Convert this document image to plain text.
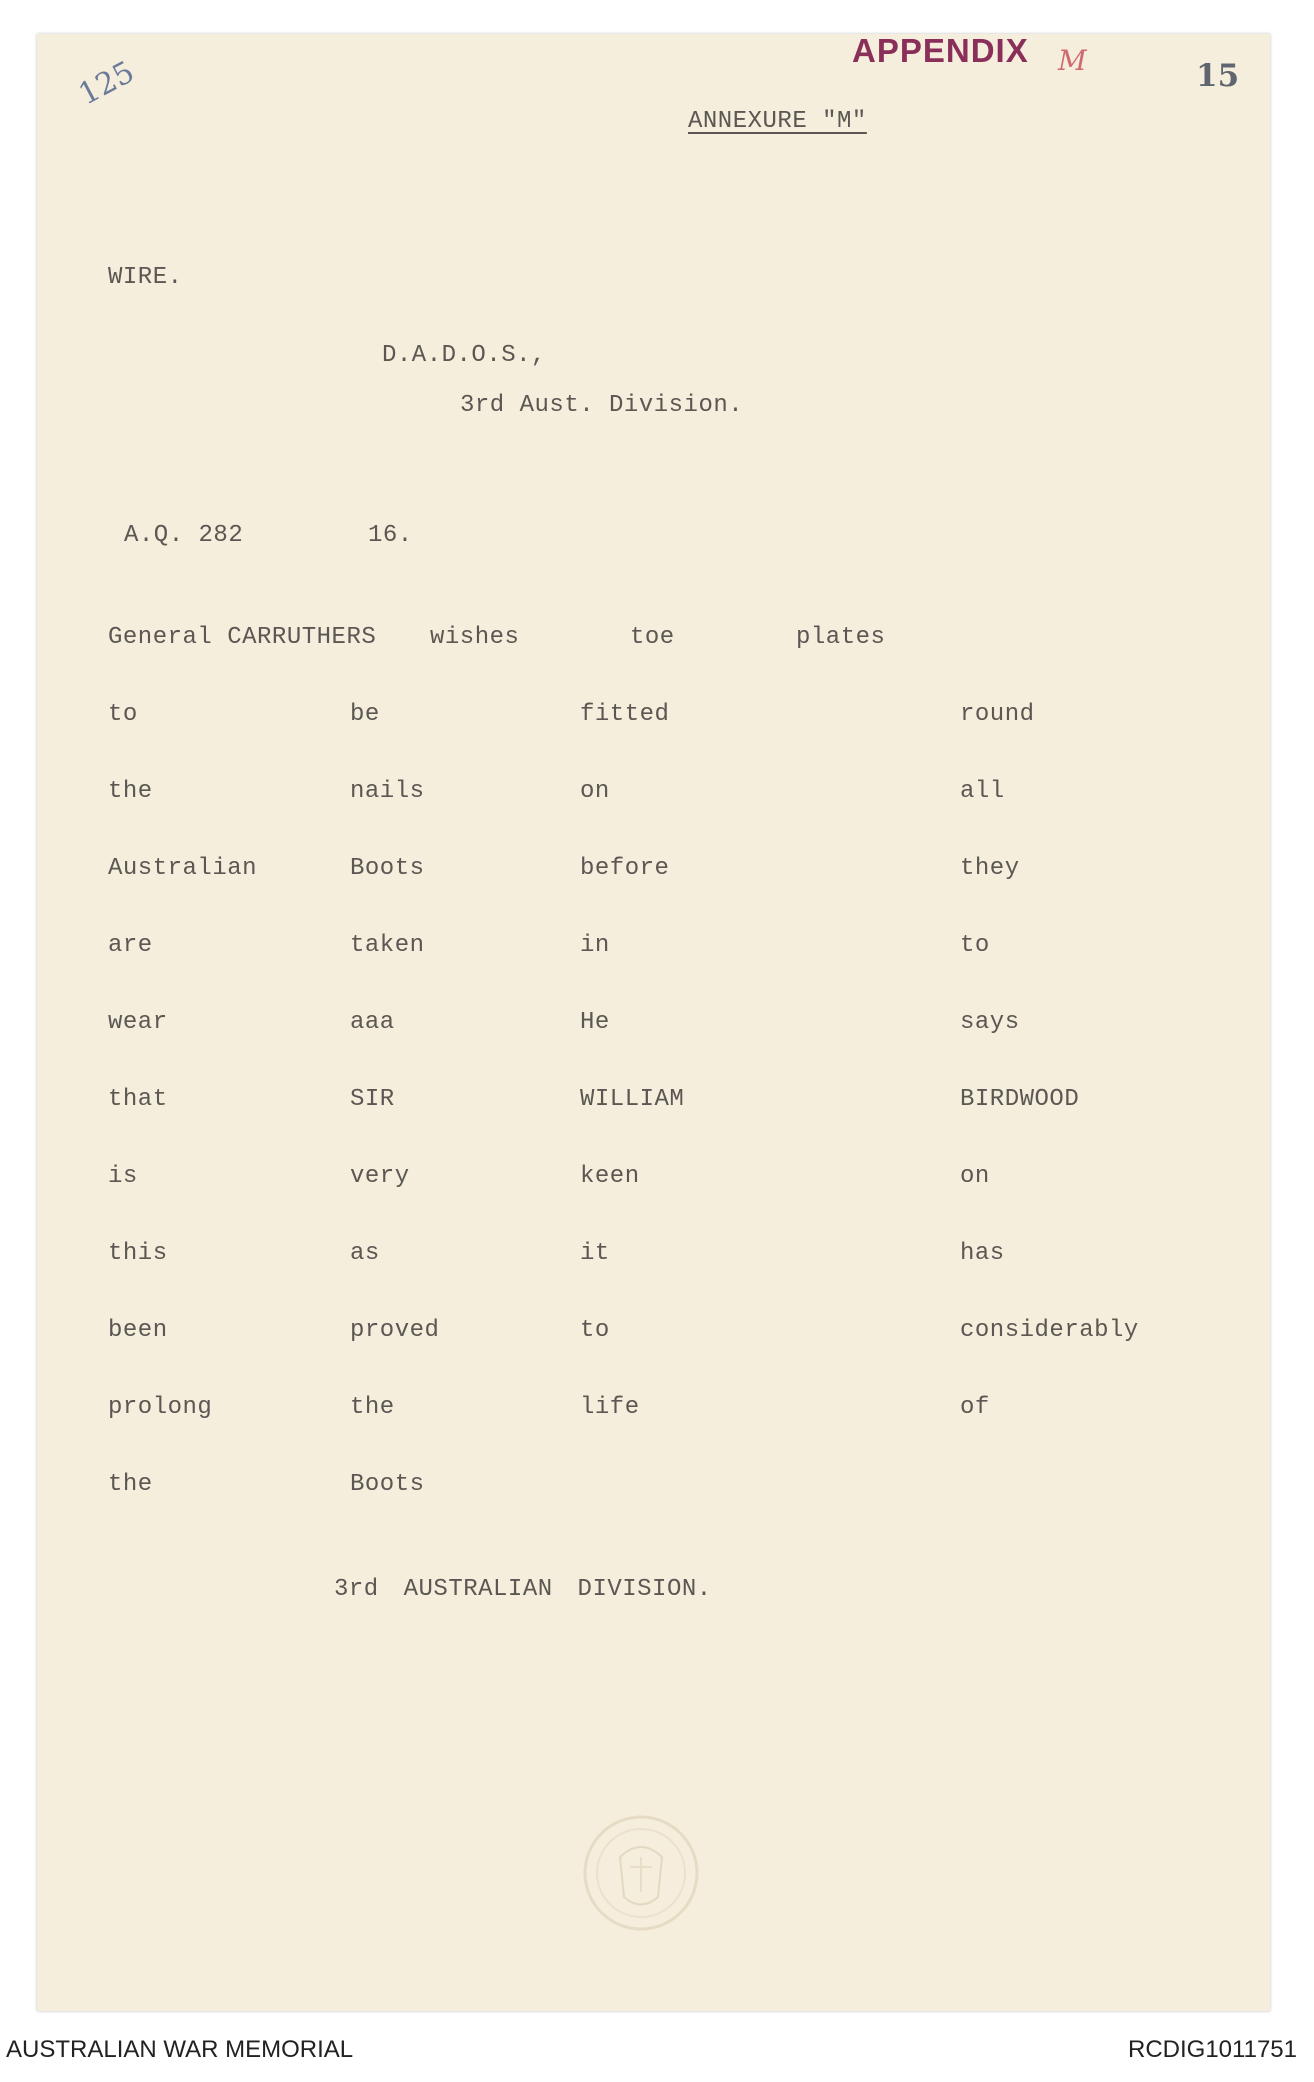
125
APPENDIX M	15
ANNEXURE "M"
WIRE.
D.A.D.O.S.,
3rd Aust. Division.
A.Q. 282	16.
General CARRUTHERS wishes	toe	plates
to	be	fitted	round
the	nails	on	all
Australian	Boots	before	they
are	taken	in	to
wear	aaa	He	says
that	SIR	WILLIAM	BIRDWOOD
is	very	keen	on
this	as	it	has
been	proved	to	considerably
prolong	the	life	of
the	Boots
3rd AUSTRALIAN DIVISION.
AUSTRALIAN WAR MEMORIAL	RCDIG1011751
